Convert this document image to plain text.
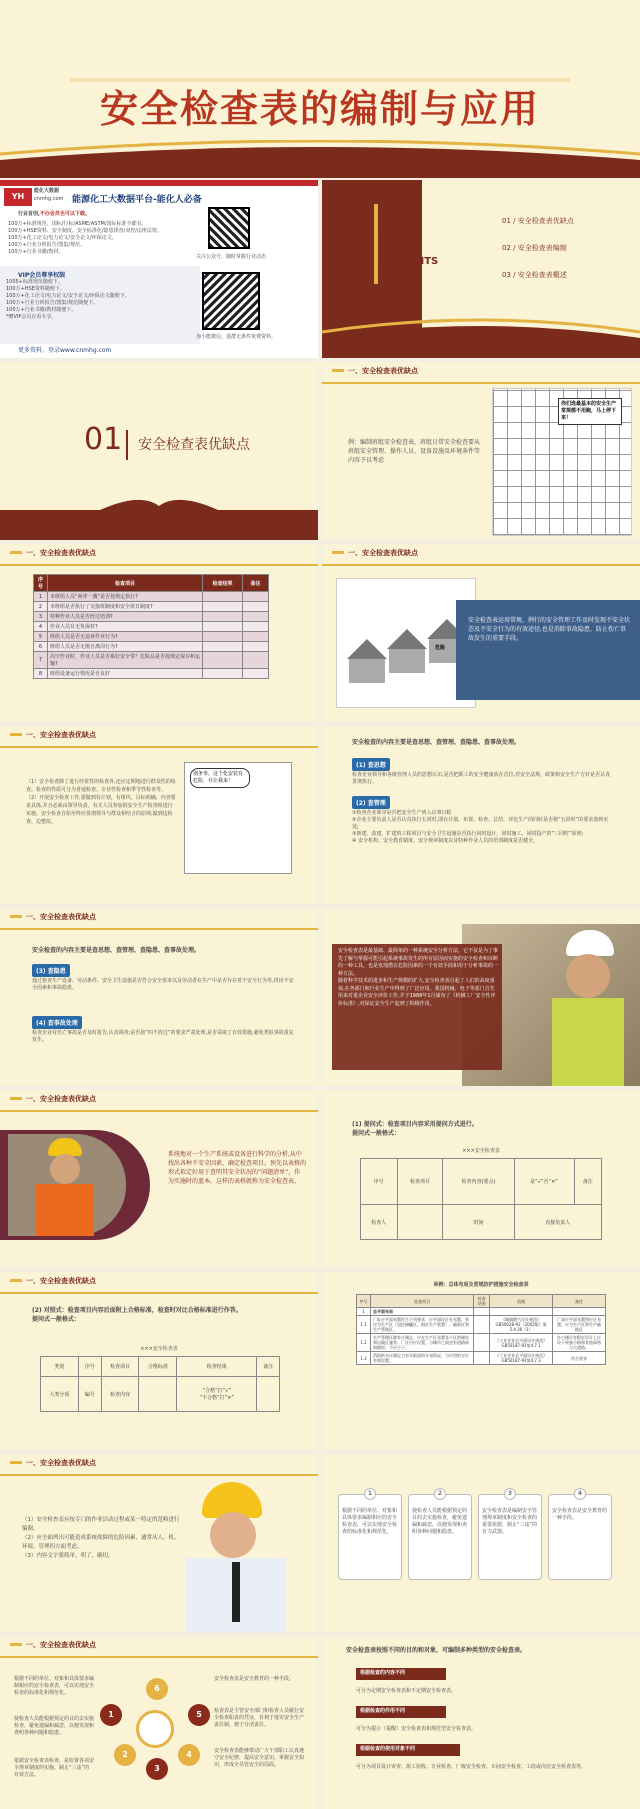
安全检查表的编制与应用
YH
能化大数据
cnmhg.com 能源化工大数据平台-能化人必备
行业首创,不办会员也可以下载。
100万+标准规范、国标/行标/ASME/ASTM/国际标准全都有。
100万+HSE资料、安全制度、安全标准化/隐患排查/双控/法律法规。
100万+化工论文/电力论文/安全论文/环保论文。
100万+行业分析报告/图集/规范。
100万+行业书籍/教材。
VIP会员尊享权限
1005+标准规范随便下。
100万+HSE资料随便下。
100万+化工论文/电力论文/安全论文/环保论文随便下。
100万+行业分析报告/图集/规范随便下。
100万+行业书籍/教材随便下。
*赠VIP会员在看专享。
更多资料，登录www.cnmhg.com
关注公众号，随时掌握行业动态
加小能微信，进群无条件免费资料。
目录
CONTENTS
01 / 安全检查表优缺点
02 / 安全检查表编制
03 / 安全检查表概述
01 安全检查表优缺点
一、安全检查表优缺点
例：编制班组安全检查表，班组日常安全检查要从班组安全管理、操作人员、设备设施及环境条件等内容予以考虑
你们选最基本的安全生产常规都不用跑，马上停下来！
一、安全检查表优缺点
序号	检查项目	检查结果	备注
1	本班组人员“两穿一戴”是否按规定执行?		
2	本班组是否执行了交接班制度和安全值日制度?		
3	特种作业人员是否经过培训?		
4	作业人员有无负保衬?		
5	班组人员是否无违章作业行为?		
6	班组人员是否无擅自离岗行为?		
7	高空作业时，作业人员是否系好安全带？危险品是否按规定保存和运输?		
8	班组设备运行情况是否良好		
一、安全检查表优缺点
危险
安全检查表运用常规、例行的安全管理工作及时发现不安全状态及不安全行为的有效途径,也是消除事故隐患、防止伤亡事故发生的重要手段。
一、安全检查表优缺点
（1）安全检查除了进行经常性的检查外,还应定期地进行群众性的检查。检查的性质可分为普通检查、专业性检查和季节性检查等。
（2）开展安全检查工作,要做到有计划、有组织、目标明确、内容要求具体,并且必须由领导负责，有关人员参加的安全生产检查组进行实施。安全检查自始至终应贯彻领导与群众相结合的原则,做到边检查、边整改。
别争拳，这个化安装有危险，存让我来！
安全检查的内容主要是查思想、查管理、查隐患、查事故处理。
(1) 查思想
检查企业领导和各级管理人员的思想认识,是否把职工的安全健康放在首位,对安全法规、政策和安全生产方针是否认真贯彻执行。
(2) 查管理
①检查企业领导是否把安全生产列入议事日程
②企业主要负责人是否认真执行五同时,即在计划、布置、检查、总结、评比生产的同时是否将“五同时”的要求落到实处;
③新建、改建、扩建的工程项目与安全卫生设施是否执行同时设计、同时施工、同时投产的“三同时”原则;
④ 安全机构、安全教育制度、安全规章制度以及特种作业人员的培训制度是否健全。
一、安全检查表优缺点
安全检查的内容主要是查思想、查管理、查隐患、查事故处理。
(3) 查隐患
通过检查生产设备、劳动条件、安全卫生设施是否符合安全要求以及劳动者在生产中是否存在着不安全行为等,找出不安全因素和事故隐患。
(4) 查事故处理
检查企业对伤亡事故是否及时报告,认真调查;是否按“四不放过”的要求严肃处理,是否采取了有效措施,避免类似事故重复发生。
安全检查表是最基础、最简单的一种系统安全分析方法，它不仅是为了事先了解与掌握可能引起系统事故发生的所有原因而实施的安全检查和诊断的一种工具，也是发现潜在危险因素的一个有效手段和用于分析事故的一种方法。
随着科学技术的进步和生产规模的扩大,安全检查表引起了人们的高度重视,在各部门和行业生产中得到了广泛应用。我国机械、电子等部门首先用来对重企业安全评价工作,并于1988年1月颁布了《机械工厂安全性评价标准》,对保证安全生产起到了积极作用。
一、安全检查表优缺点
系统地对一个生产系统或设备进行科学的分析,从中找出各种不安全因素，确定检查项目。预先以表格的形式拟定好用于查明其安全状况的“问题清单”，作为实施时的蓝本。这样的表格就称为安全检查表。
(1) 提问式：检查项目内容采用提问方式进行。
提问式一般格式：
×××安全检查表
序号	检查项目	检查内容(要点)	是“√”否“×”	备注
检查人		时间	直接负责人	
一、安全检查表优缺点
(2) 对照式：检查项目内容后面附上合格标准，检查时对比合格标准进行作答。
提问式一般格式：
×××安全检查表
类别	序号	检查项目	合格标准	检查结果	备注
大类分项	编号	检查内容		“合格”打“√”
“不合格”打“×”	
举例：总体布局及常规防护措施安全检查表
序号	检查项目	检查结果	依据	备注
1	总平面布局			
1.1	厂址应平面布置符合下列要求：应平面设计在布置，须付为生产区（包括储罐区、烟区生产装置）、辅助区和生产管理区。		《城镇燃气设计规范》GB50028-93（2002版）第5.4.36（1）	厂加应平面布置图应区布置，应为生产区和生产辅助区
1.2	生产管理区除外应满足，应在生产区布置各个区的储存和运输区施等。厂区内应设置。与城市之间也有道路间间隙时，不应小于。		《工业企业总平面设计规范》GB50187-93第4.7.1	办公楼应在附近设计上应设干单独小路和其他网络与大道路。
1.3	消防供水应满足当有关职责的分布情况，与应用的方位有效设置。		《工业企业总平面设计规范》GB50187-93第4.7.3	符合要求
一、安全检查表优缺点
（1）安全检查表应按专门的作业活动过程或某一特定的范畴进行编制。
（2）应全面列出可能造成系统故障的危险因素，通常从人、机、环境、管理四方面考虑。
（3）内容文字要简单、明了、确切。
1	2	3	4
根据不同的单位、对象和具体要求编制相应的安全检查表，可以实现安全检查的标准化和规范化。
使检查人员能根据预定的目的去实施检查，避免遗漏和疏忽，以便发现和查明各种问题和隐患。
安全检查表是编制安全管理规章制度和安全检查的重要依据，制止“三违”的有力武器。
安全检查表是安全教育的一种手段。
一、安全检查表优缺点
根据不同的单位、对象和具体要求编制相应的安全检查表，可以实现安全检查的标准化和规范化。
使检查人员能根据预定的目的去实施检查，避免遗漏和疏忽，以便发现和查明各种问题和隐患。
依据安全检查表检查，是监督各项安全规章制度的实施、制止“三违”的有效方法。
1
2
3
4
5
6
安全检查表是安全教育的一种手段。
检查表是主管安全部门和检查人员履行安全检查职责的凭证，有利于落实安全生产责任制，便于分清责任。
安全检查表能够带动广大干部职工认真遵守安全纪律，提高安全意识，掌握安全知识，形成全员管安全的局面。
安全检查表按照不同的目的和对象，可编制多种类型的安全检查表。
根据检查的内容不同
可分为定期安全检查表和不定期安全检查表。
根据检查的作用不同
可分为提示（提醒）安全检查表和规范型安全检查表。
根据检查的使用对象不同
可分为项目设计审查、竣工验收、专业检查、厂级安全检查、车间安全检查、工段或岗位安全检查表等。
